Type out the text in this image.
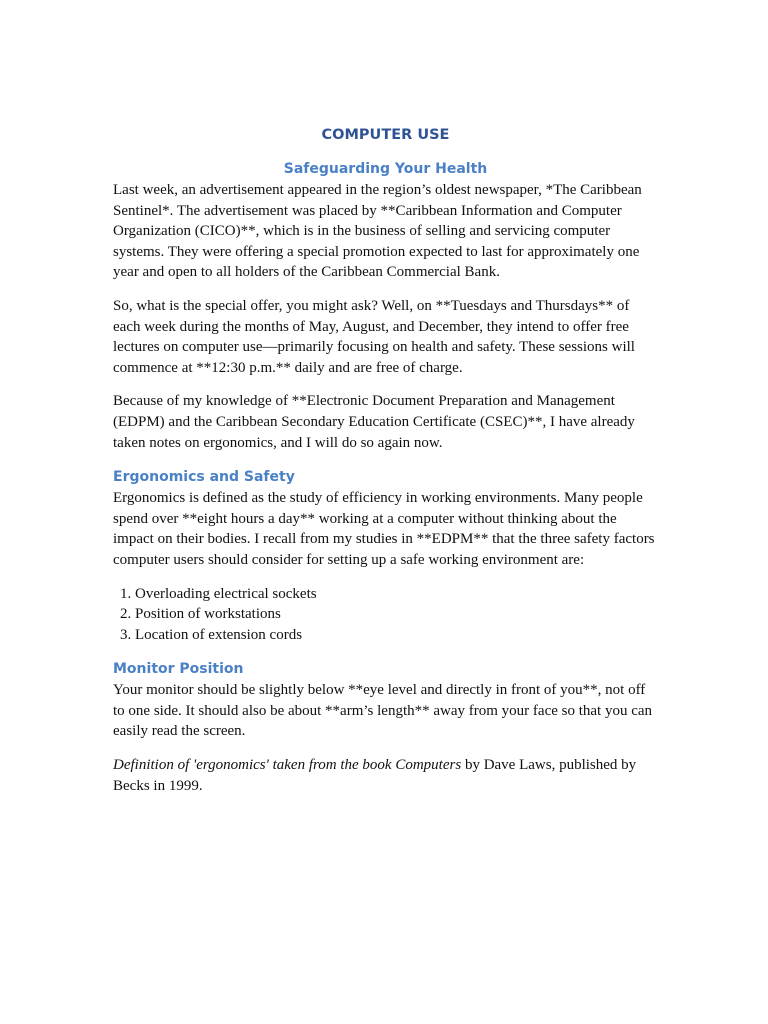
COMPUTER USE
Safeguarding Your Health

Last week, an advertisement appeared in the region’s oldest newspaper, *The Caribbean Sentinel*. The advertisement was placed by **Caribbean Information and Computer Organization (CICO)**, which is in the business of selling and servicing computer systems. They were offering a special promotion expected to last for approximately one year and open to all holders of the Caribbean Commercial Bank.

So, what is the special offer, you might ask? Well, on **Tuesdays and Thursdays** of each week during the months of May, August, and December, they intend to offer free lectures on computer use—primarily focusing on health and safety. These sessions will commence at **12:30 p.m.** daily and are free of charge.

Because of my knowledge of **Electronic Document Preparation and Management (EDPM) and the Caribbean Secondary Education Certificate (CSEC)**, I have already taken notes on ergonomics, and I will do so again now.

Ergonomics and Safety

Ergonomics is defined as the study of efficiency in working environments. Many people spend over **eight hours a day** working at a computer without thinking about the impact on their bodies. I recall from my studies in **EDPM** that the three safety factors computer users should consider for setting up a safe working environment are:

1. Overloading electrical sockets
2. Position of workstations
3. Location of extension cords
Monitor Position

Your monitor should be slightly below **eye level and directly in front of you**, not off to one side. It should also be about **arm’s length** away from your face so that you can easily read the screen.

Definition of 'ergonomics' taken from the book Computers by Dave Laws, published by Becks in 1999.
